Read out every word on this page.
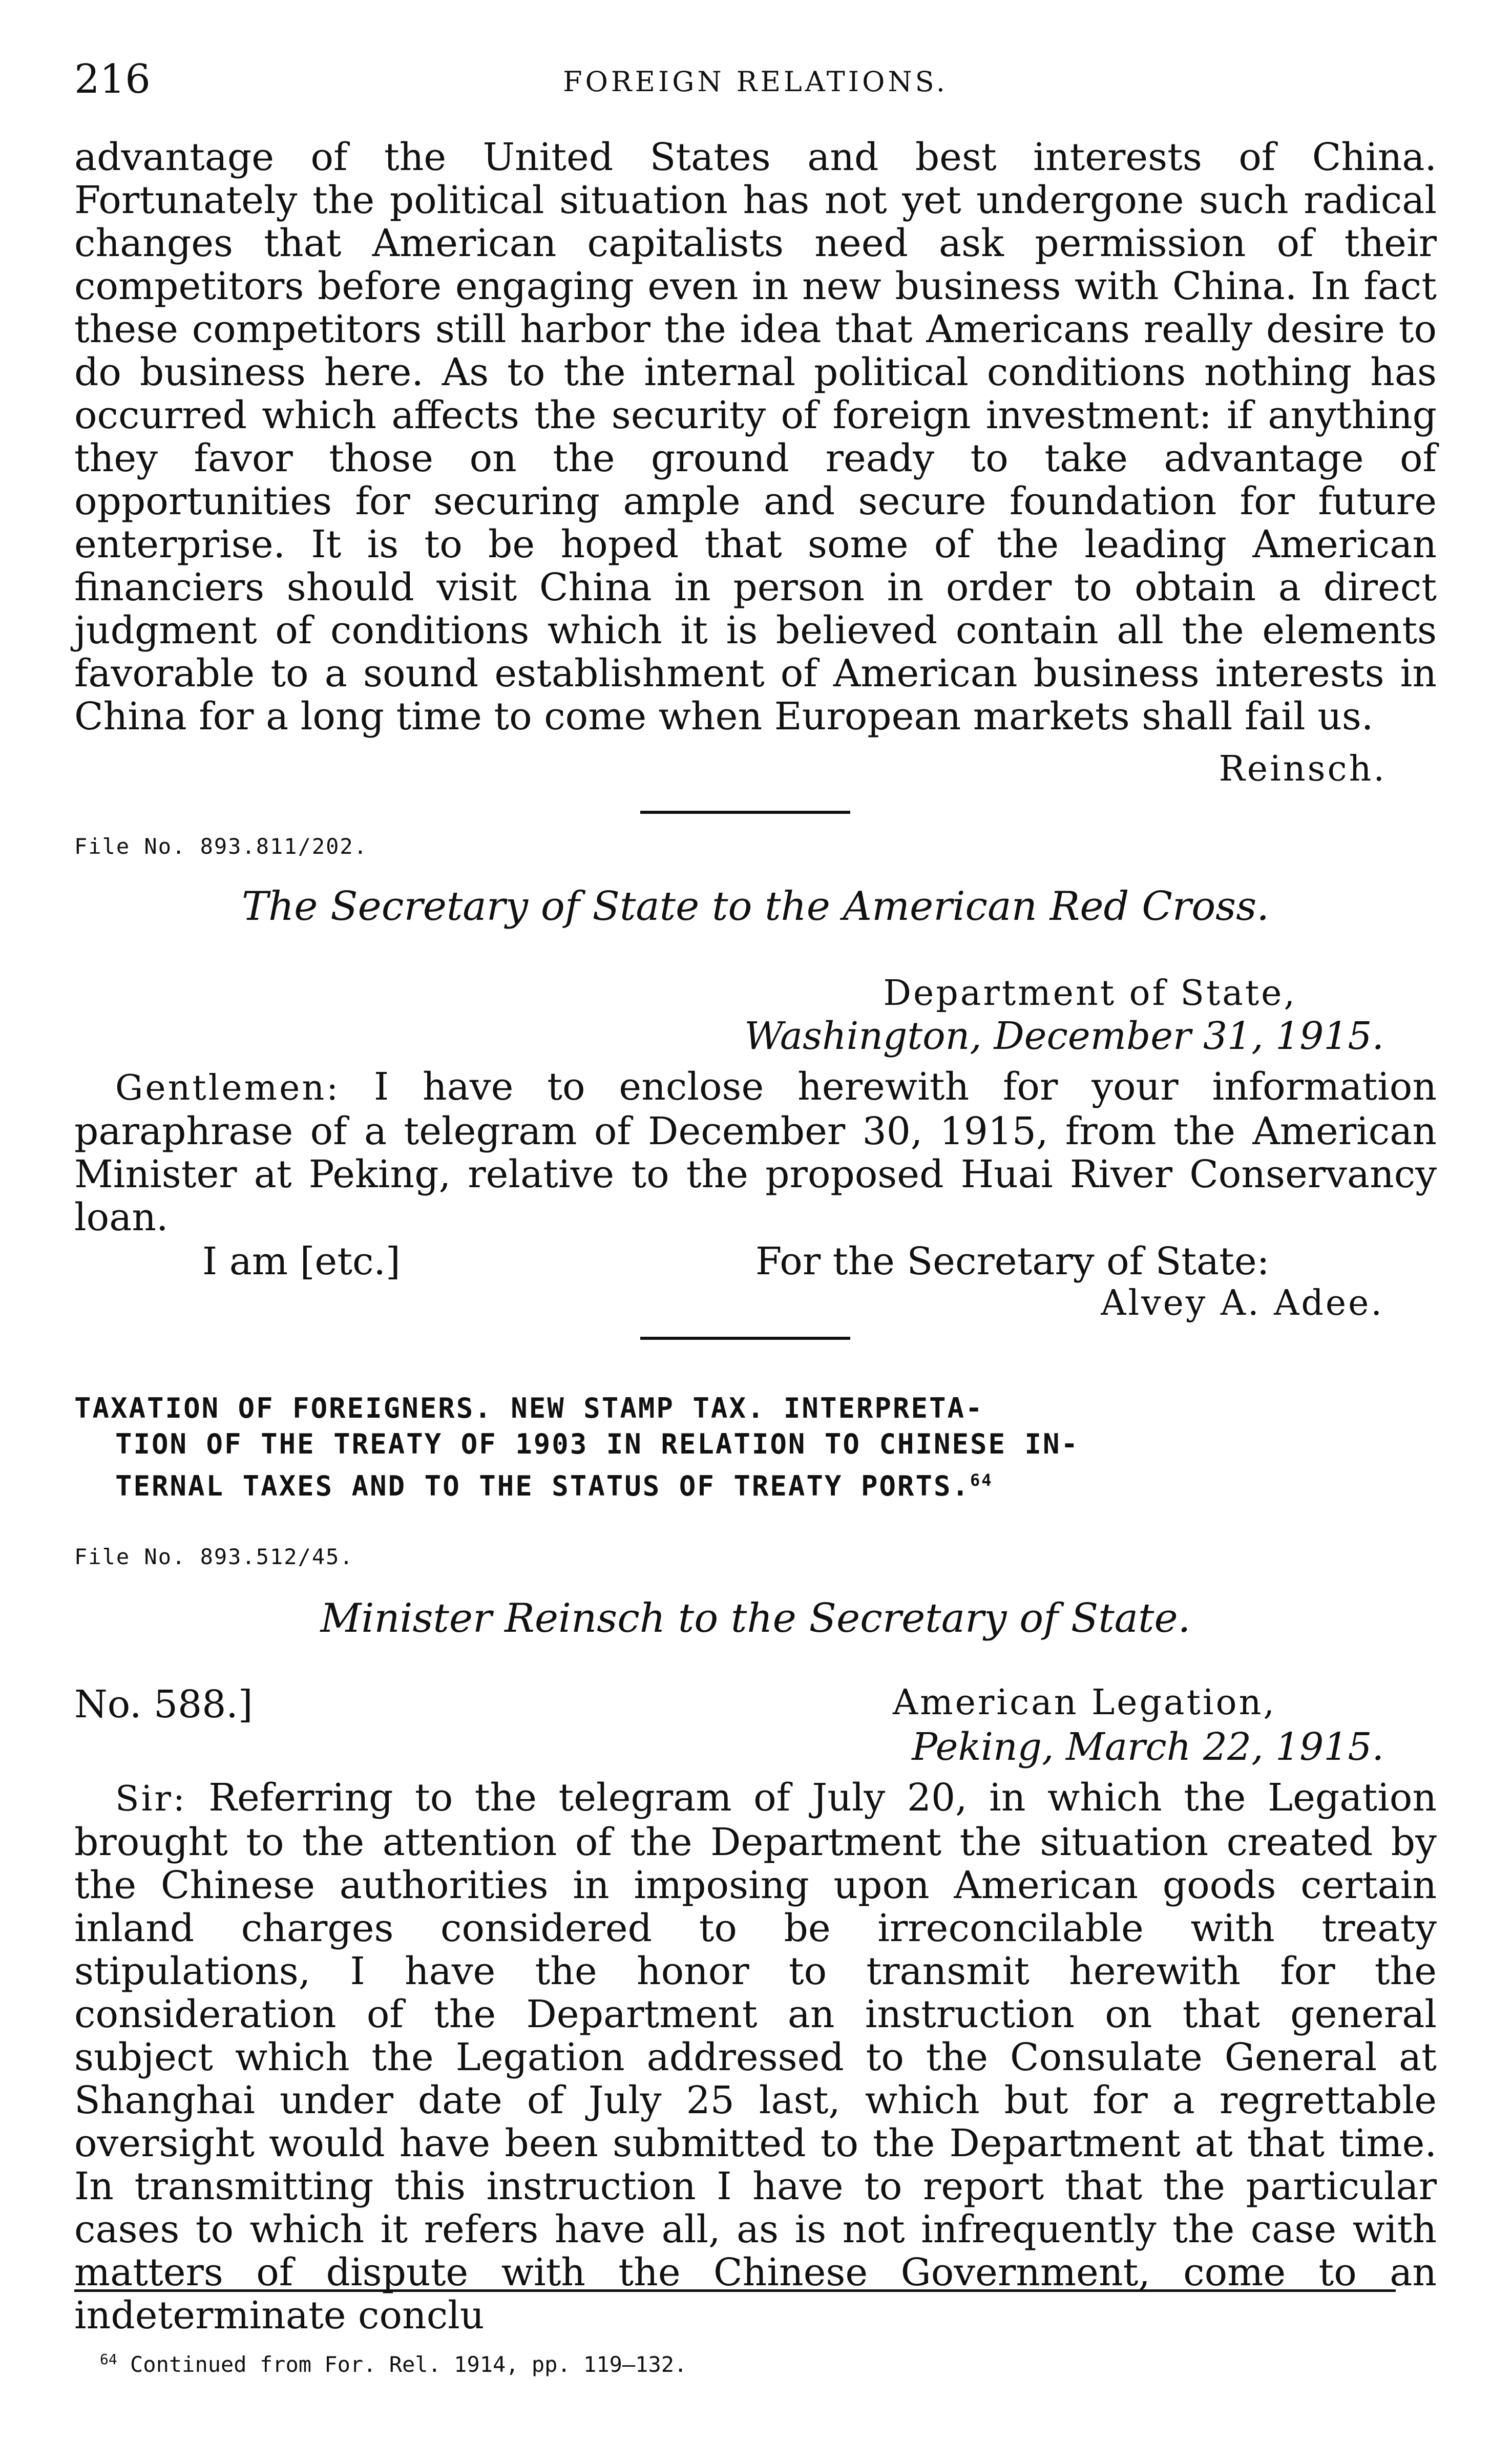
216	FOREIGN RELATIONS.

advantage of the United States and best interests of China. Fortunately the political situation has not yet undergone such radical changes that American capitalists need ask permission of their competitors before engaging even in new business with China. In fact these competitors still harbor the idea that Americans really desire to do business here. As to the internal political conditions nothing has occurred which affects the security of foreign investment: if anything they favor those on the ground ready to take advantage of opportunities for securing ample and secure foundation for future enterprise. It is to be hoped that some of the leading American financiers should visit China in person in order to obtain a direct judgment of conditions which it is believed contain all the elements favorable to a sound establishment of American business interests in China for a long time to come when European markets shall fail us.

Reinsch.
File No. 893.811/202.
The Secretary of State to the American Red Cross.
Department of State,
Washington, December 31, 1915.

Gentlemen: I have to enclose herewith for your information paraphrase of a telegram of December 30, 1915, from the American Minister at Peking, relative to the proposed Huai River Conservancy loan.

I am [etc.]	For the Secretary of State:
Alvey A. Adee.
TAXATION OF FOREIGNERS. NEW STAMP TAX. INTERPRETA-
TION OF THE TREATY OF 1903 IN RELATION TO CHINESE IN-
TERNAL TAXES AND TO THE STATUS OF TREATY PORTS.$^{64}$
File No. 893.512/45.
Minister Reinsch to the Secretary of State.
No. 588.]	American Legation,
Peking, March 22, 1915.

Sir: Referring to the telegram of July 20, in which the Legation brought to the attention of the Department the situation created by the Chinese authorities in imposing upon American goods certain inland charges considered to be irreconcilable with treaty stipulations, I have the honor to transmit herewith for the consideration of the Department an instruction on that general subject which the Legation addressed to the Consulate General at Shanghai under date of July 25 last, which but for a regrettable oversight would have been submitted to the Department at that time. In transmitting this instruction I have to report that the particular cases to which it refers have all, as is not infrequently the case with matters of dispute with the Chinese Government, come to an indeterminate conclu

$^{64}$ Continued from For. Rel. 1914, pp. 119–132.
